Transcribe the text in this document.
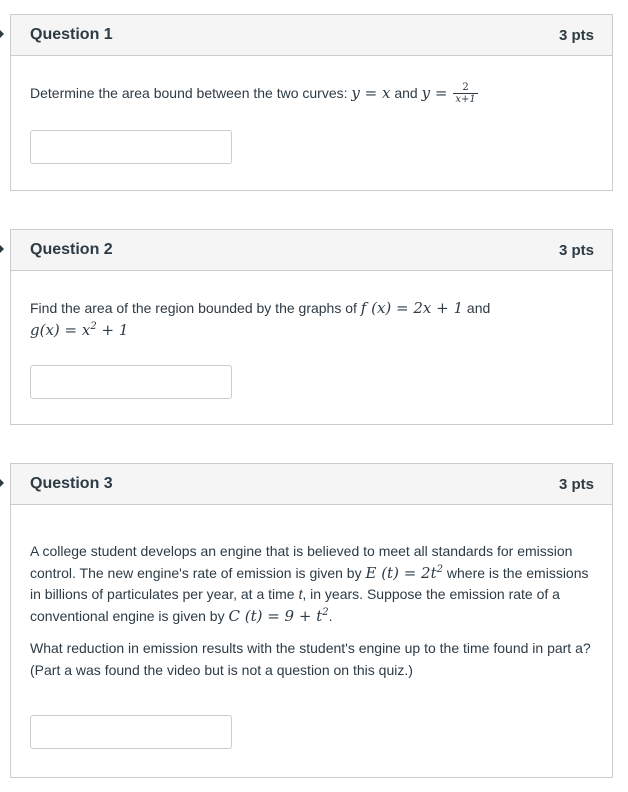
Question 1	3 pts
Determine the area bound between the two curves: y = x and $y = \frac{2}{x+1}$
Question 2	3 pts
Find the area of the region bounded by the graphs of f (x) = 2x + 1 and
$g(x) = x^2 + 1$
Question 3	3 pts

A college student develops an engine that is believed to meet all standards for emission control. The new engine's rate of emission is given by E $(t) = 2t^2$ where is the emissions in billions of particulates per year, at a time t, in years. Suppose the emission rate of a conventional engine is given by C $(t) = 9 + t^2$.

What reduction in emission results with the student's engine up to the time found in part a? (Part a was found the video but is not a question on this quiz.)
